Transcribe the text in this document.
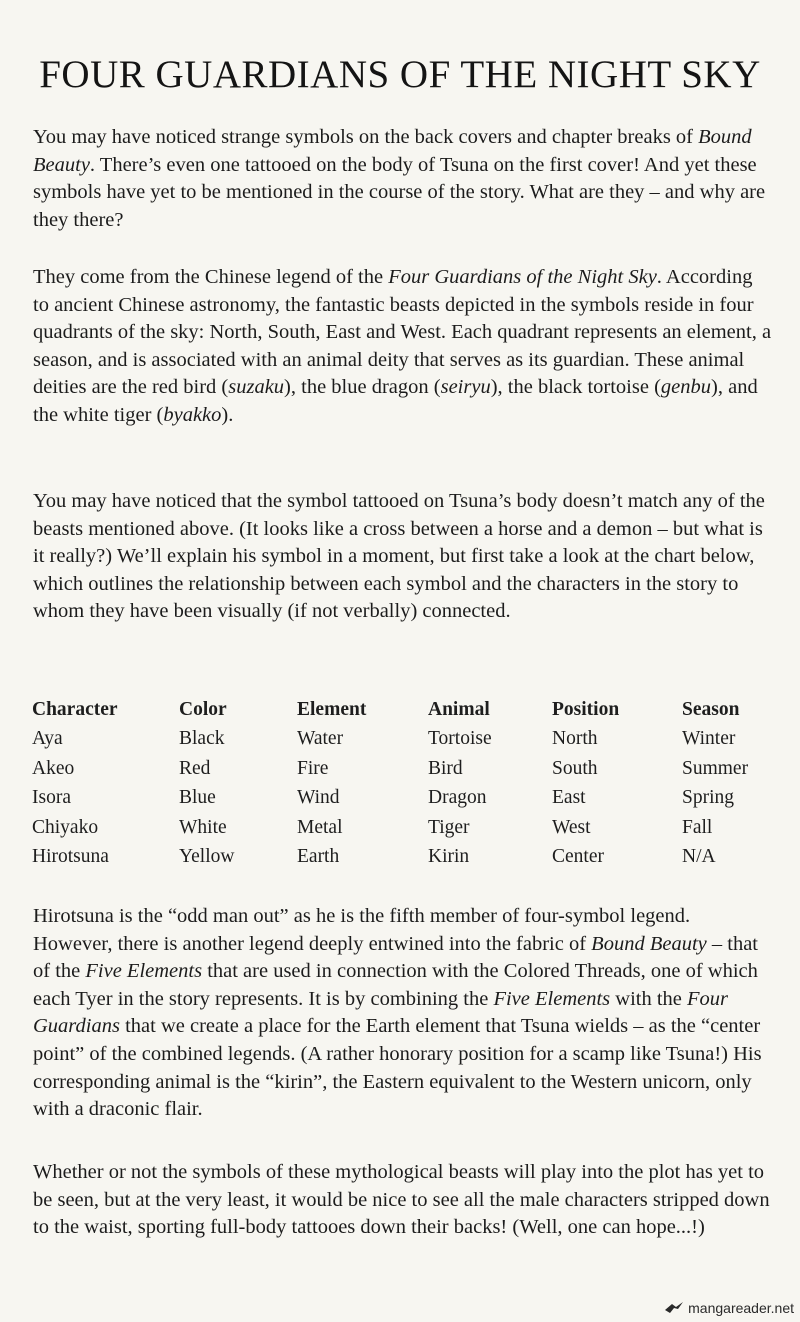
FOUR GUARDIANS OF THE NIGHT SKY

You may have noticed strange symbols on the back covers and chapter breaks of Bound Beauty. There’s even one tattooed on the body of Tsuna on the first cover! And yet these symbols have yet to be mentioned in the course of the story. What are they – and why are they there?

They come from the Chinese legend of the Four Guardians of the Night Sky. According to ancient Chinese astronomy, the fantastic beasts depicted in the symbols reside in four quadrants of the sky: North, South, East and West. Each quadrant represents an element, a season, and is associated with an animal deity that serves as its guardian. These animal deities are the red bird (suzaku), the blue dragon (seiryu), the black tortoise (genbu), and the white tiger (byakko).

You may have noticed that the symbol tattooed on Tsuna’s body doesn’t match any of the beasts mentioned above. (It looks like a cross between a horse and a demon – but what is it really?) We’ll explain his symbol in a moment, but first take a look at the chart below, which outlines the relationship between each symbol and the characters in the story to whom they have been visually (if not verbally) connected.

Character	Color	Element	Animal	Position	Season
Aya	Black	Water	Tortoise	North	Winter
Akeo	Red	Fire	Bird	South	Summer
Isora	Blue	Wind	Dragon	East	Spring
Chiyako	White	Metal	Tiger	West	Fall
Hirotsuna	Yellow	Earth	Kirin	Center	N/A

Hirotsuna is the “odd man out” as he is the fifth member of four-symbol legend. However, there is another legend deeply entwined into the fabric of Bound Beauty – that of the Five Elements that are used in connection with the Colored Threads, one of which each Tyer in the story represents. It is by combining the Five Elements with the Four Guardians that we create a place for the Earth element that Tsuna wields – as the “center point” of the combined legends. (A rather honorary position for a scamp like Tsuna!) His corresponding animal is the “kirin”, the Eastern equivalent to the Western unicorn, only with a draconic flair.

Whether or not the symbols of these mythological beasts will play into the plot has yet to be seen, but at the very least, it would be nice to see all the male characters stripped down to the waist, sporting full-body tattooes down their backs! (Well, one can hope...!)

mangareader.net
